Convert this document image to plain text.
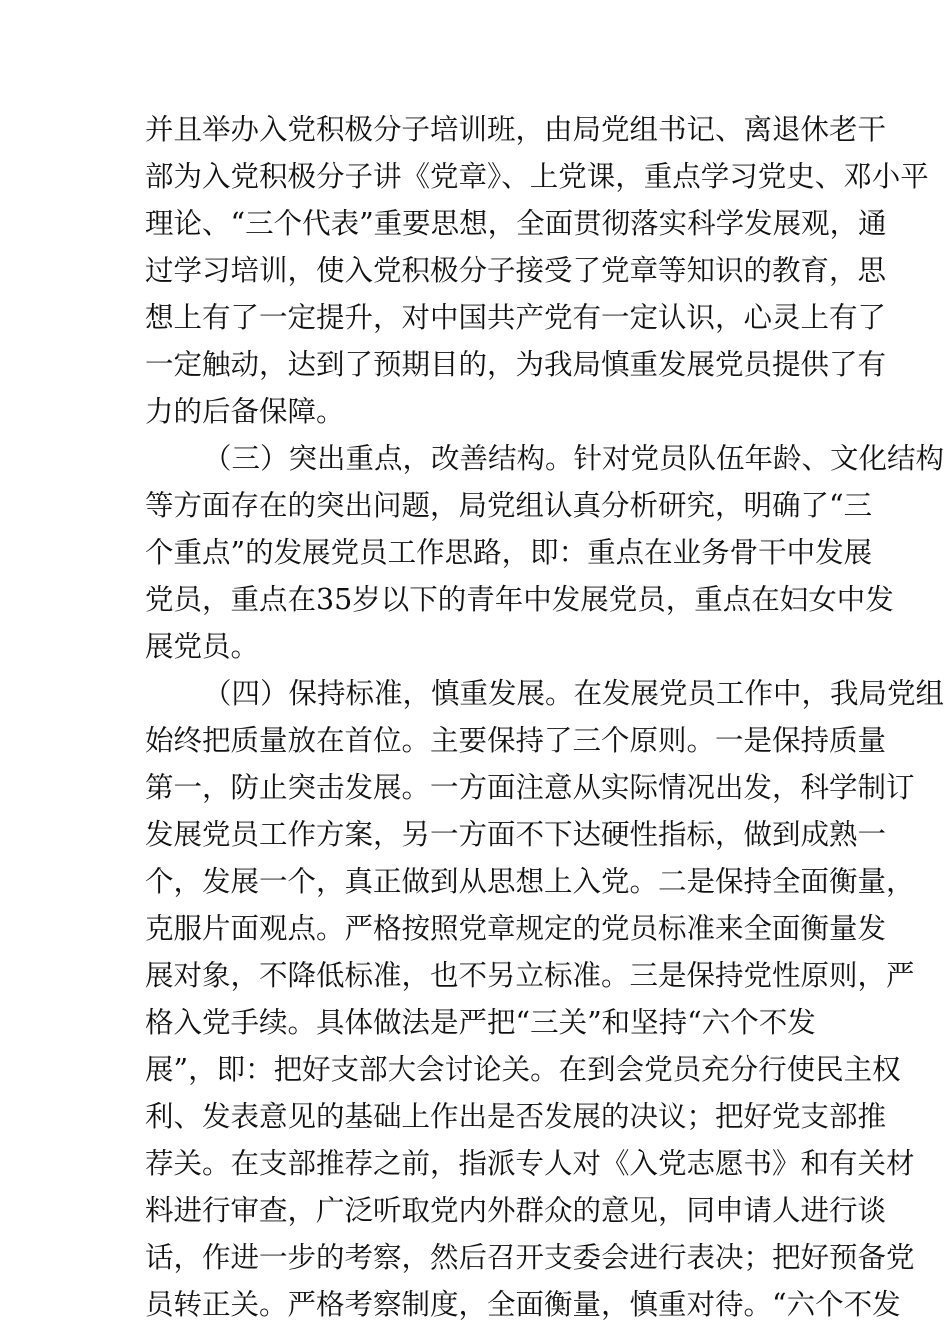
并且举办入党积极分子培训班，由局党组书记、离退休老干
部为入党积极分子讲《党章》、上党课，重点学习党史、邓小平
理论、“三个代表”重要思想，全面贯彻落实科学发展观，通
过学习培训，使入党积极分子接受了党章等知识的教育，思
想上有了一定提升，对中国共产党有一定认识，心灵上有了
一定触动，达到了预期目的，为我局慎重发展党员提供了有
力的后备保障。
（三）突出重点，改善结构。针对党员队伍年龄、文化结构
等方面存在的突出问题，局党组认真分析研究，明确了“三
个重点”的发展党员工作思路，即：重点在业务骨干中发展
党员，重点在35岁以下的青年中发展党员，重点在妇女中发
展党员。
（四）保持标准，慎重发展。在发展党员工作中，我局党组
始终把质量放在首位。主要保持了三个原则。一是保持质量
第一，防止突击发展。一方面注意从实际情况出发，科学制订
发展党员工作方案，另一方面不下达硬性指标，做到成熟一
个，发展一个，真正做到从思想上入党。二是保持全面衡量，
克服片面观点。严格按照党章规定的党员标准来全面衡量发
展对象，不降低标准，也不另立标准。三是保持党性原则，严
格入党手续。具体做法是严把“三关”和坚持“六个不发
展”，即：把好支部大会讨论关。在到会党员充分行使民主权
利、发表意见的基础上作出是否发展的决议；把好党支部推
荐关。在支部推荐之前，指派专人对《入党志愿书》和有关材
料进行审查，广泛听取党内外群众的意见，同申请人进行谈
话，作进一步的考察，然后召开支委会进行表决；把好预备党
员转正关。严格考察制度，全面衡量，慎重对待。“六个不发
